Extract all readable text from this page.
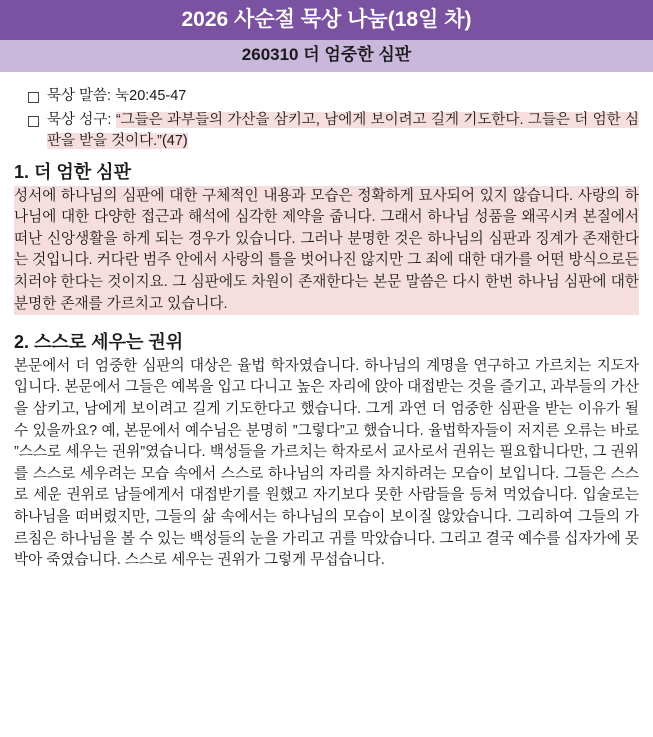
2026 사순절 묵상 나눔(18일 차)
260310 더 엄중한 심판
묵상 말씀: 눅20:45-47
묵상 성구: “그들은 과부들의 가산을 삼키고, 남에게 보이려고 길게 기도한다. 그들은 더 엄한 심판을 받을 것이다.”(47)
1. 더 엄한 심판

성서에 하나님의 심판에 대한 구체적인 내용과 모습은 정확하게 묘사되어 있지 않습니다. 사랑의 하나님에 대한 다양한 접근과 해석에 심각한 제약을 줍니다. 그래서 하나님 성품을 왜곡시켜 본질에서 떠난 신앙생활을 하게 되는 경우가 있습니다. 그러나 분명한 것은 하나님의 심판과 징계가 존재한다는 것입니다. 커다란 범주 안에서 사랑의 틀을 벗어나진 않지만 그 죄에 대한 대가를 어떤 방식으로든 치러야 한다는 것이지요. 그 심판에도 차원이 존재한다는 본문 말씀은 다시 한번 하나님 심판에 대한 분명한 존재를 가르치고 있습니다.

2. 스스로 세우는 권위

본문에서 더 엄중한 심판의 대상은 율법 학자였습니다. 하나님의 계명을 연구하고 가르치는 지도자입니다. 본문에서 그들은 예복을 입고 다니고 높은 자리에 앉아 대접받는 것을 즐기고, 과부들의 가산을 삼키고, 남에게 보이려고 길게 기도한다고 했습니다. 그게 과연 더 엄중한 심판을 받는 이유가 될 수 있을까요? 예, 본문에서 예수님은 분명히 ”그렇다”고 했습니다. 율법학자들이 저지른 오류는 바로 ”스스로 세우는 권위”였습니다. 백성들을 가르치는 학자로서 교사로서 권위는 필요합니다만, 그 권위를 스스로 세우려는 모습 속에서 스스로 하나님의 자리를 차지하려는 모습이 보입니다. 그들은 스스로 세운 권위로 남들에게서 대접받기를 원했고 자기보다 못한 사람들을 등쳐 먹었습니다. 입술로는 하나님을 떠버렸지만, 그들의 삶 속에서는 하나님의 모습이 보이질 않았습니다. 그리하여 그들의 가르침은 하나님을 볼 수 있는 백성들의 눈을 가리고 귀를 막았습니다. 그리고 결국 예수를 십자가에 못 박아 죽였습니다. 스스로 세우는 권위가 그렇게 무섭습니다.
